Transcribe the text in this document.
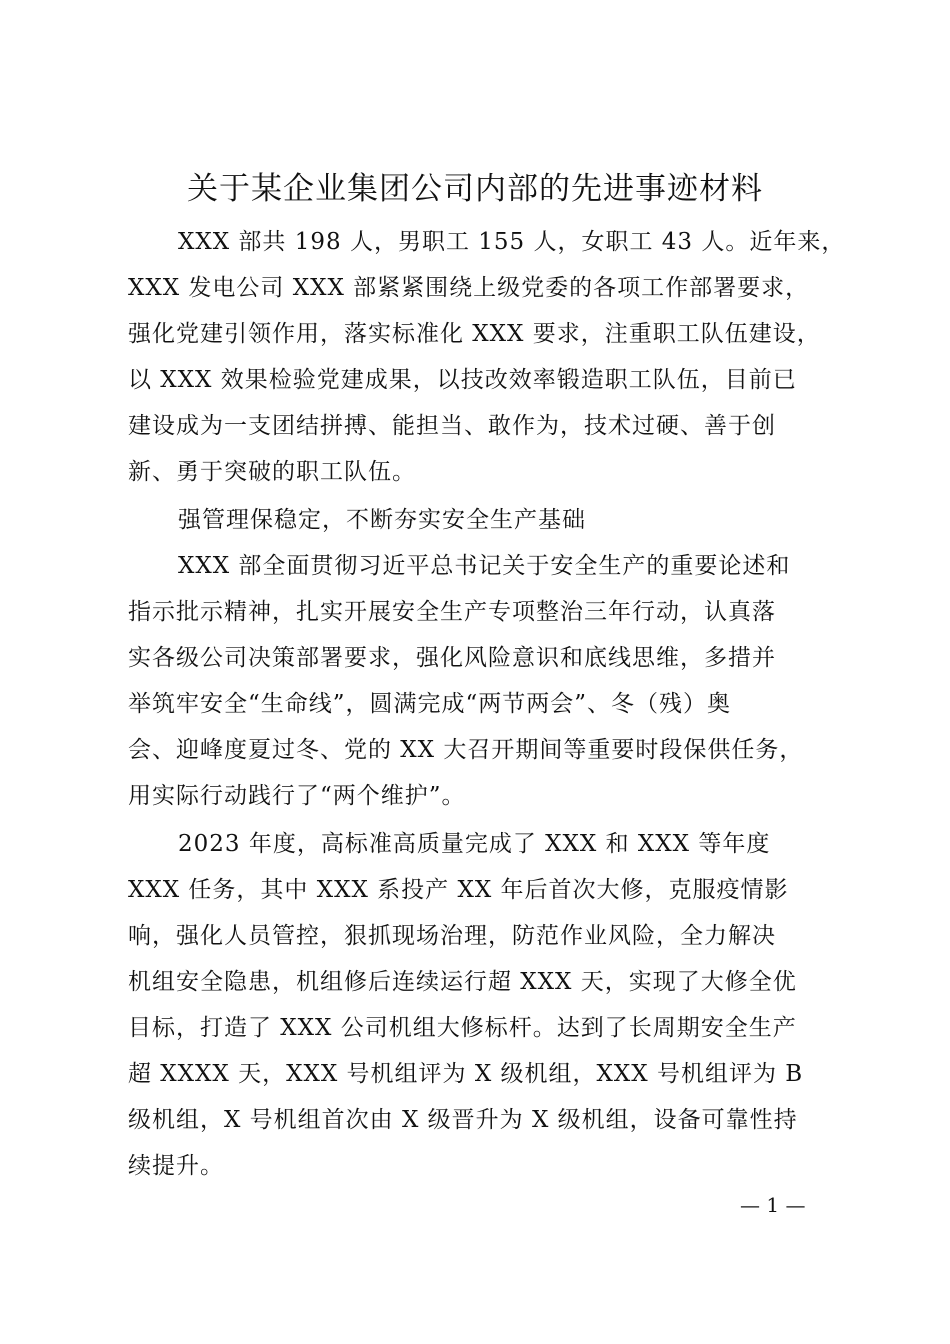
关于某企业集团公司内部的先进事迹材料
XXX 部共 198 人，男职工 155 人，女职工 43 人。近年来，
XXX 发电公司 XXX 部紧紧围绕上级党委的各项工作部署要求，
强化党建引领作用，落实标准化 XXX 要求，注重职工队伍建设，
以 XXX 效果检验党建成果，以技改效率锻造职工队伍，目前已
建设成为一支团结拼搏、能担当、敢作为，技术过硬、善于创
新、勇于突破的职工队伍。
强管理保稳定，不断夯实安全生产基础
XXX 部全面贯彻习近平总书记关于安全生产的重要论述和
指示批示精神，扎实开展安全生产专项整治三年行动，认真落
实各级公司决策部署要求，强化风险意识和底线思维，多措并
举筑牢安全“生命线”，圆满完成“两节两会”、冬（残）奥
会、迎峰度夏过冬、党的 XX 大召开期间等重要时段保供任务，
用实际行动践行了“两个维护”。
2023 年度，高标准高质量完成了 XXX 和 XXX 等年度
XXX 任务，其中 XXX 系投产 XX 年后首次大修，克服疫情影
响，强化人员管控，狠抓现场治理，防范作业风险，全力解决
机组安全隐患，机组修后连续运行超 XXX 天，实现了大修全优
目标，打造了 XXX 公司机组大修标杆。达到了长周期安全生产
超 XXXX 天，XXX 号机组评为 X 级机组，XXX 号机组评为 B
级机组，X 号机组首次由 X 级晋升为 X 级机组，设备可靠性持
续提升。
— 1 —
